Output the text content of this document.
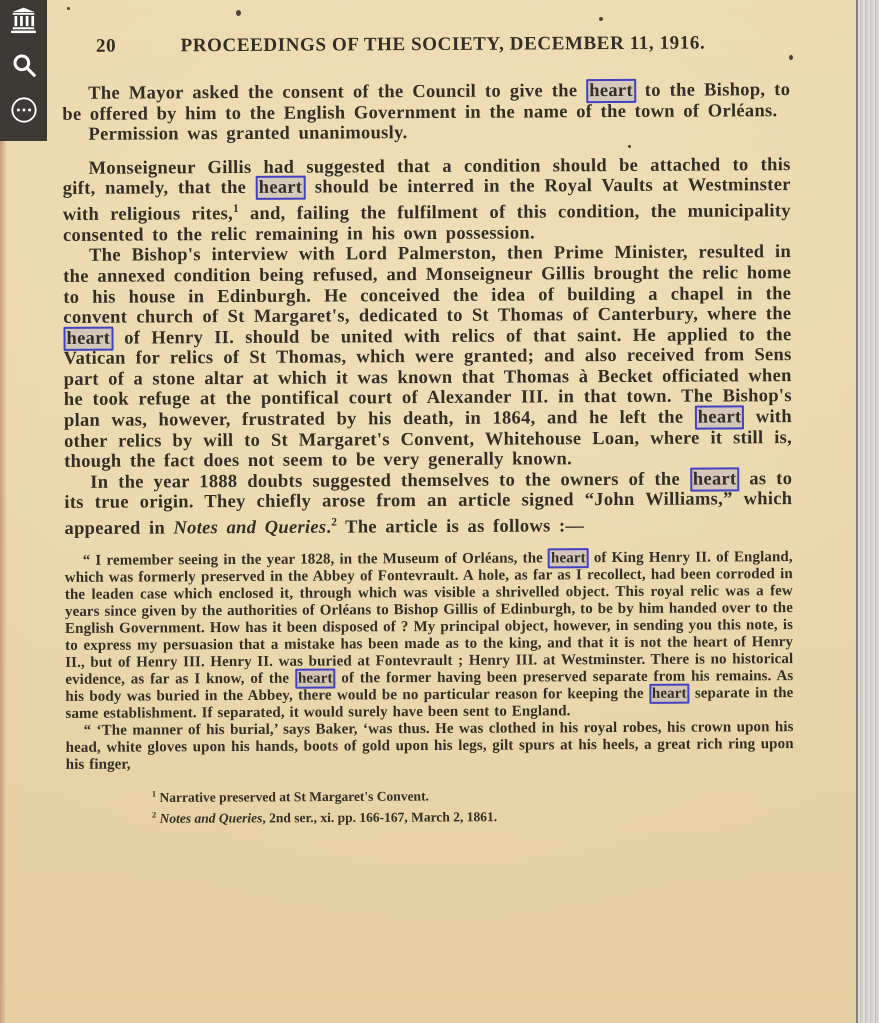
20	PROCEEDINGS OF THE SOCIETY, DECEMBER 11, 1916.

The Mayor asked the consent of the Council to give the heart to the Bishop, to be offered by him to the English Government in the name of the town of Orléans.

Permission was granted unanimously.

Monseigneur Gillis had suggested that a condition should be attached to this gift, namely, that the heart should be interred in the Royal Vaults at Westminster with religious rites,$^1$ and, failing the fulfilment of this condition, the municipality consented to the relic remaining in his own possession.

The Bishop's interview with Lord Palmerston, then Prime Minister, resulted in the annexed condition being refused, and Monseigneur Gillis brought the relic home to his house in Edinburgh. He conceived the idea of building a chapel in the convent church of St Margaret's, dedicated to St Thomas of Canterbury, where the heart of Henry II. should be united with relics of that saint. He applied to the Vatican for relics of St Thomas, which were granted; and also received from Sens part of a stone altar at which it was known that Thomas à Becket officiated when he took refuge at the pontifical court of Alexander III. in that town. The Bishop's plan was, however, frustrated by his death, in 1864, and he left the heart with other relics by will to St Margaret's Convent, Whitehouse Loan, where it still is, though the fact does not seem to be very generally known.

In the year 1888 doubts suggested themselves to the owners of the heart as to its true origin. They chiefly arose from an article signed “John Williams,” which appeared in Notes and Queries.$^2$ The article is as follows :—

“ I remember seeing in the year 1828, in the Museum of Orléans, the heart of King Henry II. of England, which was formerly preserved in the Abbey of Fontevrault. A hole, as far as I recollect, had been corroded in the leaden case which enclosed it, through which was visible a shrivelled object. This royal relic was a few years since given by the authorities of Orléans to Bishop Gillis of Edinburgh, to be by him handed over to the English Government. How has it been disposed of ? My principal object, however, in sending you this note, is to express my persuasion that a mistake has been made as to the king, and that it is not the heart of Henry II., but of Henry III. Henry II. was buried at Fontevrault ; Henry III. at Westminster. There is no historical evidence, as far as I know, of the heart of the former having been preserved separate from his remains. As his body was buried in the Abbey, there would be no particular reason for keeping the heart separate in the same establishment. If separated, it would surely have been sent to England.

“ ‘The manner of his burial,’ says Baker, ‘was thus. He was clothed in his royal robes, his crown upon his head, white gloves upon his hands, boots of gold upon his legs, gilt spurs at his heels, a great rich ring upon his finger,

$^1$ Narrative preserved at St Margaret's Convent.

$^2$ Notes and Queries, 2nd ser., xi. pp. 166-167, March 2, 1861.
